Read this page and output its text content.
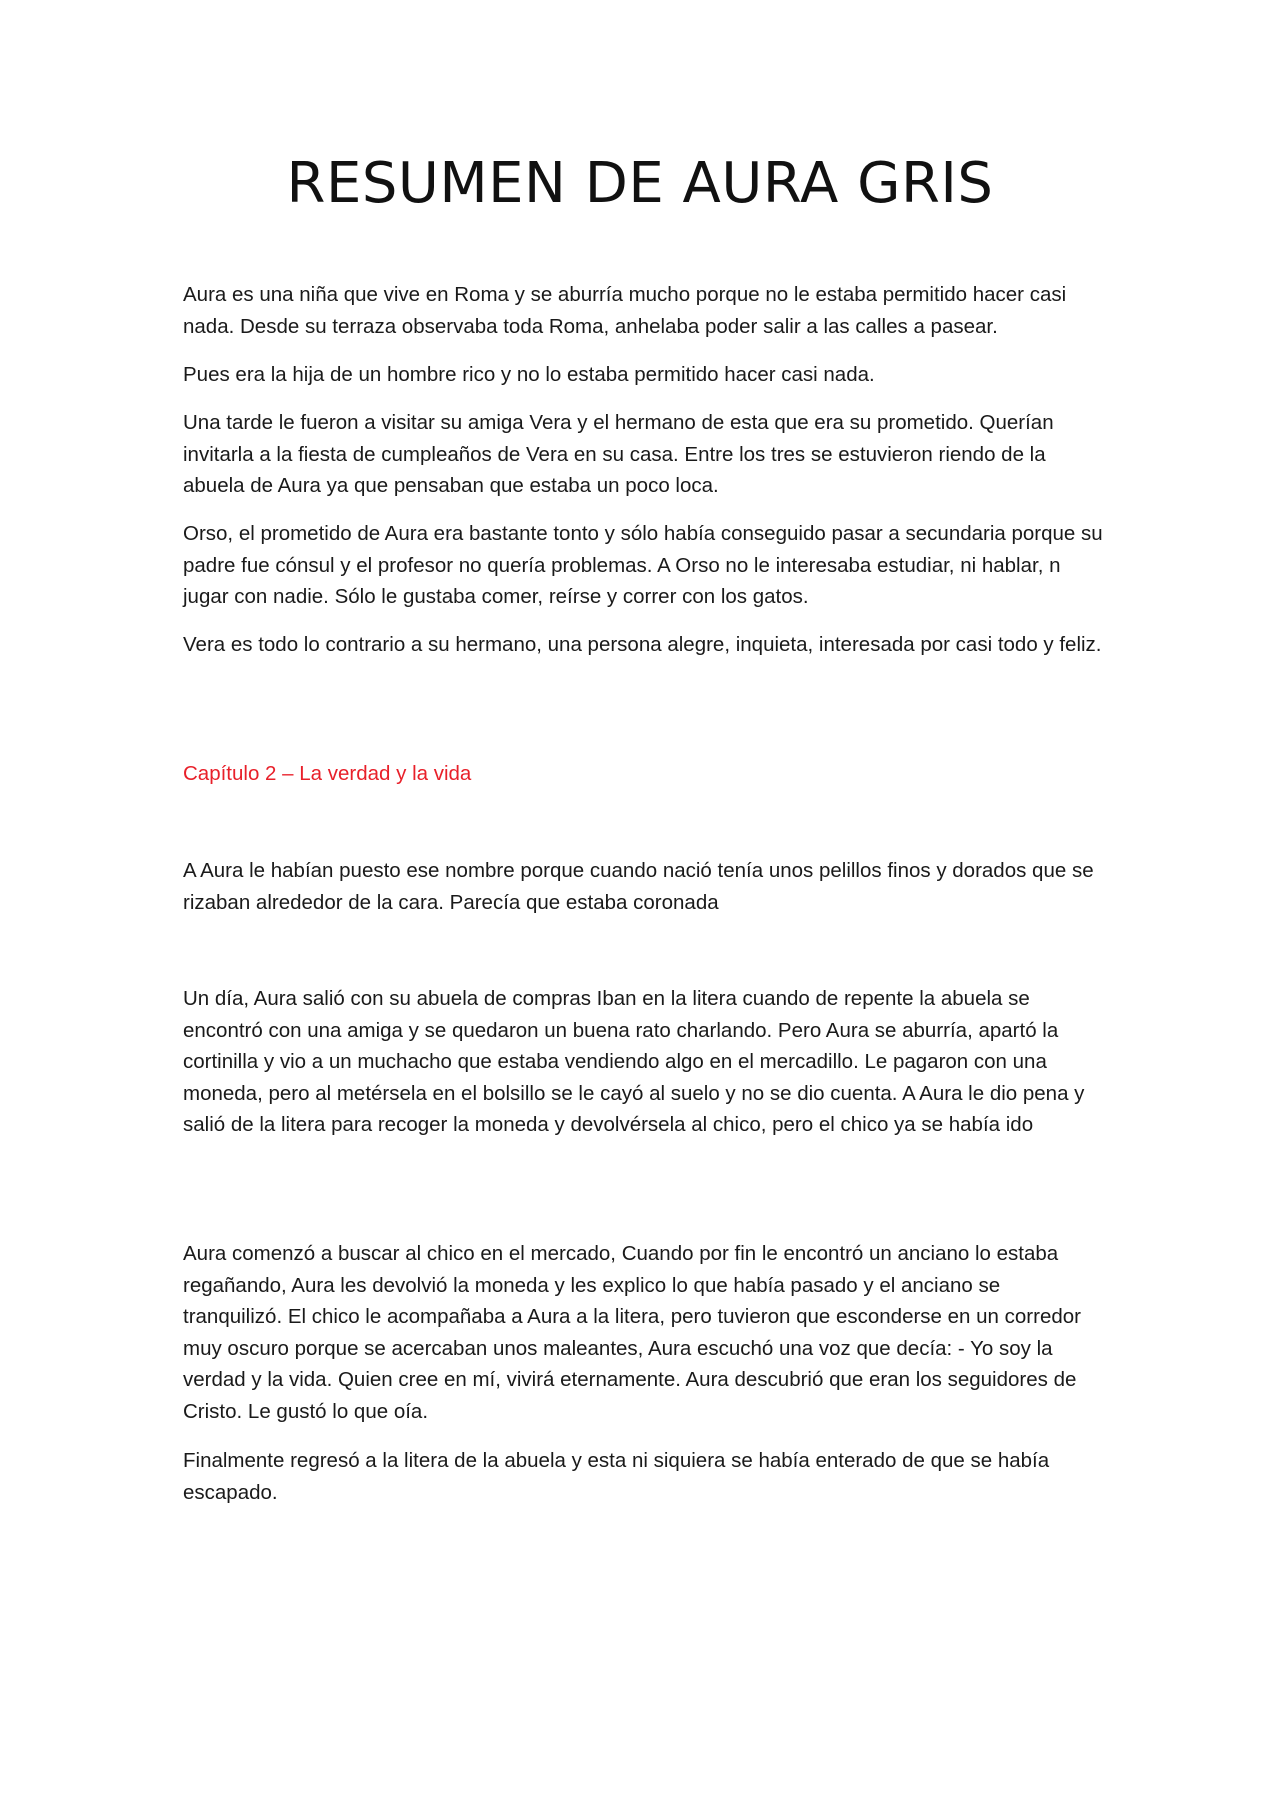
RESUMEN DE AURA GRIS

Aura es una niña que vive en Roma y se aburría mucho porque no le estaba permitido hacer casi nada. Desde su terraza observaba toda Roma, anhelaba poder salir a las calles a pasear.

Pues era la hija de un hombre rico y no lo estaba permitido hacer casi nada.

Una tarde le fueron a visitar su amiga Vera y el hermano de esta que era su prometido. Querían invitarla a la fiesta de cumpleaños de Vera en su casa. Entre los tres se estuvieron riendo de la abuela de Aura ya que pensaban que estaba un poco loca.

Orso, el prometido de Aura era bastante tonto y sólo había conseguido pasar a secundaria porque su padre fue cónsul y el profesor no quería problemas. A Orso no le interesaba estudiar, ni hablar, n jugar con nadie. Sólo le gustaba comer, reírse y correr con los gatos.

Vera es todo lo contrario a su hermano, una persona alegre, inquieta, interesada por casi todo y feliz.

Capítulo 2 – La verdad y la vida

A Aura le habían puesto ese nombre porque cuando nació tenía unos pelillos finos y dorados que se rizaban alrededor de la cara. Parecía que estaba coronada

Un día, Aura salió con su abuela de compras Iban en la litera cuando de repente la abuela se encontró con una amiga y se quedaron un buena rato charlando. Pero Aura se aburría, apartó la cortinilla y vio a un muchacho que estaba vendiendo algo en el mercadillo. Le pagaron con una moneda, pero al metérsela en el bolsillo se le cayó al suelo y no se dio cuenta. A Aura le dio pena y salió de la litera para recoger la moneda y devolvérsela al chico, pero el chico ya se había ido

Aura comenzó a buscar al chico en el mercado, Cuando por fin le encontró un anciano lo estaba regañando, Aura les devolvió la moneda y les explico lo que había pasado y el anciano se tranquilizó. El chico le acompañaba a Aura a la litera, pero tuvieron que esconderse en un corredor muy oscuro porque se acercaban unos maleantes, Aura escuchó una voz que decía: - Yo soy la verdad y la vida. Quien cree en mí, vivirá eternamente. Aura descubrió que eran los seguidores de Cristo. Le gustó lo que oía.

Finalmente regresó a la litera de la abuela y esta ni siquiera se había enterado de que se había escapado.
